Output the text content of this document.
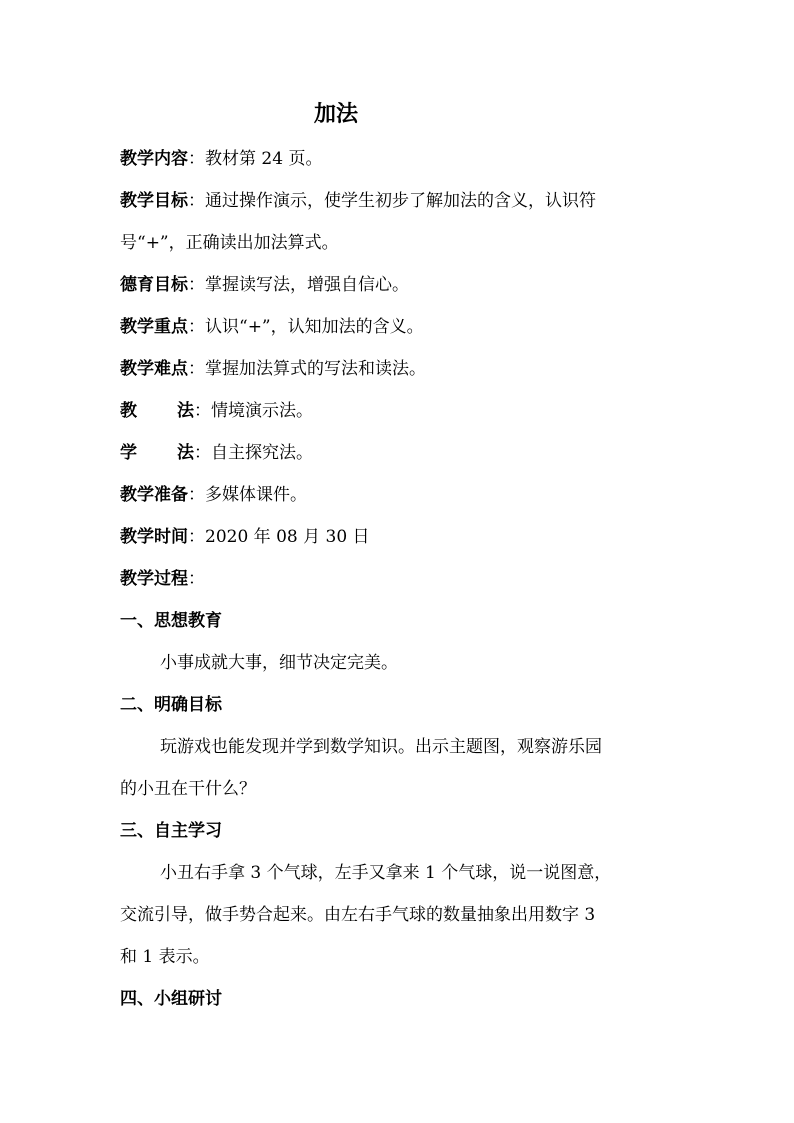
加法
教学内容：教材第 24 页。
教学目标：通过操作演示，使学生初步了解加法的含义，认识符
号“+”，正确读出加法算式。
德育目标：掌握读写法，增强自信心。
教学重点：认识“+”，认知加法的含义。
教学难点：掌握加法算式的写法和读法。
教 法：情境演示法。
学 法：自主探究法。
教学准备：多媒体课件。
教学时间：2020 年 08 月 30 日
教学过程：
一、思想教育
小事成就大事，细节决定完美。
二、明确目标
玩游戏也能发现并学到数学知识。出示主题图，观察游乐园
的小丑在干什么？
三、自主学习
小丑右手拿 3 个气球，左手又拿来 1 个气球，说一说图意，
交流引导，做手势合起来。由左右手气球的数量抽象出用数字 3
和 1 表示。
四、小组研讨
